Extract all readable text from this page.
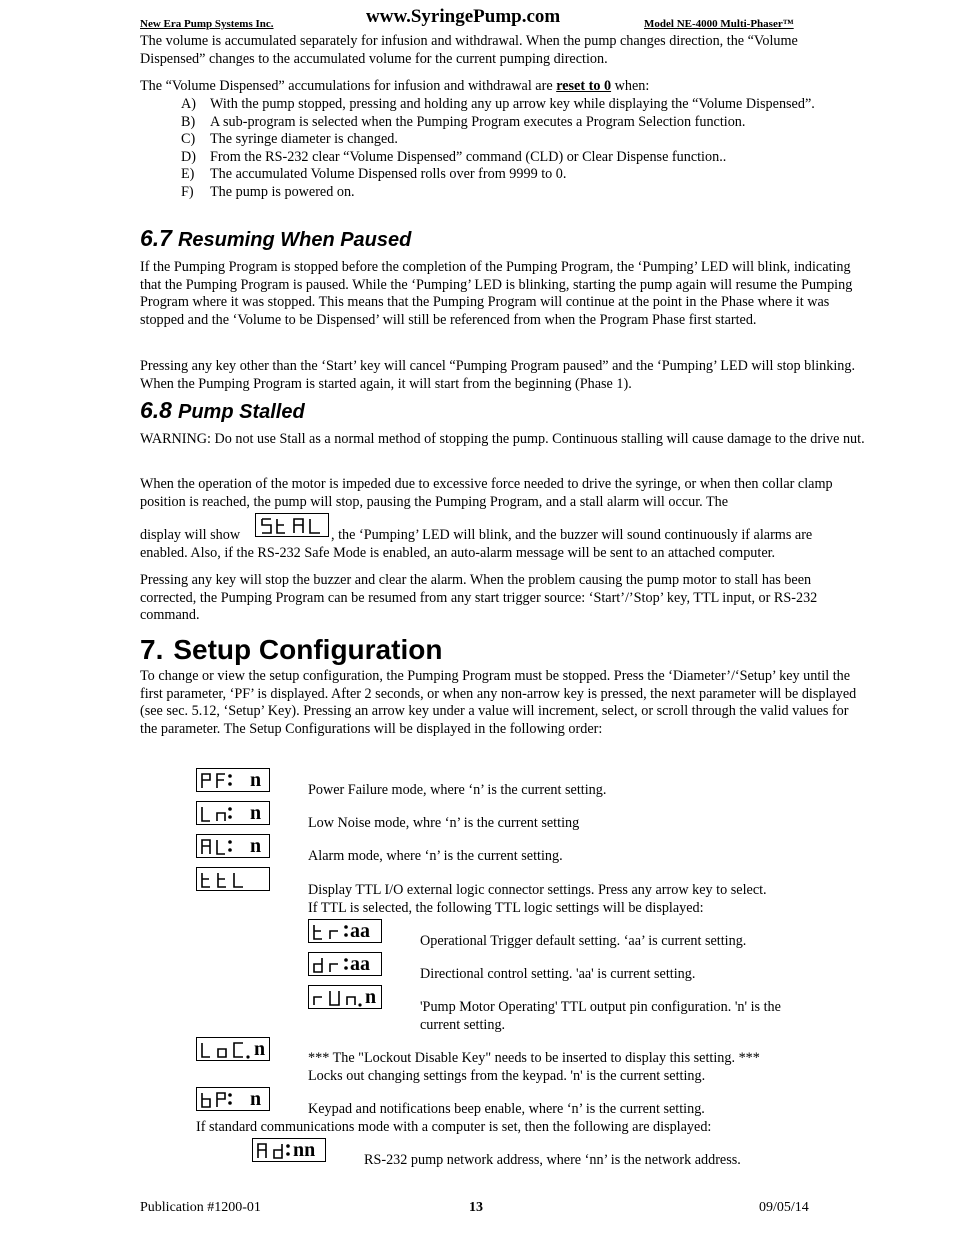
New Era Pump Systems Inc.	www.SyringePump.com	Model NE-4000 Multi-Phaser™
The volume is accumulated separately for infusion and withdrawal. When the pump changes direction, the “Volume Dispensed” changes to the accumulated volume for the current pumping direction.
The “Volume Dispensed” accumulations for infusion and withdrawal are reset to 0 when:
A) With the pump stopped, pressing and holding any up arrow key while displaying the “Volume Dispensed”.
B)	A sub-program is selected when the Pumping Program executes a Program Selection function.
C)	The syringe diameter is changed.
D) From the RS-232 clear “Volume Dispensed” command (CLD) or Clear Dispense function..
E)	The accumulated Volume Dispensed rolls over from 9999 to 0.
F)	The pump is powered on.
6.7 Resuming When Paused
If the Pumping Program is stopped before the completion of the Pumping Program, the ‘Pumping’ LED will blink, indicating that the Pumping Program is paused. While the ‘Pumping’ LED is blinking, starting the pump again will resume the Pumping Program where it was stopped. This means that the Pumping Program will continue at the point in the Phase where it was stopped and the ‘Volume to be Dispensed’ will still be referenced from when the Program Phase first started.
Pressing any key other than the ‘Start’ key will cancel “Pumping Program paused” and the ‘Pumping’ LED will stop blinking. When the Pumping Program is started again, it will start from the beginning (Phase 1).
6.8 Pump Stalled
WARNING: Do not use Stall as a normal method of stopping the pump. Continuous stalling will cause damage to the drive nut.
When the operation of the motor is impeded due to excessive force needed to drive the syringe, or when then collar clamp position is reached, the pump will stop, pausing the Pumping Program, and a stall alarm will occur. The
display will show	, the ‘Pumping’ LED will blink, and the buzzer will sound continuously if alarms are
enabled. Also, if the RS-232 Safe Mode is enabled, an auto-alarm message will be sent to an attached computer.
Pressing any key will stop the buzzer and clear the alarm. When the problem causing the pump motor to stall has been corrected, the Pumping Program can be resumed from any start trigger source: ‘Start’/’Stop’ key, TTL input, or RS-232 command.
7. Setup Configuration
To change or view the setup configuration, the Pumping Program must be stopped. Press the ‘Diameter’/‘Setup’ key until the first parameter, ‘PF’ is displayed. After 2 seconds, or when any non-arrow key is pressed, the next parameter will be displayed (see sec. 5.12, ‘Setup’ Key). Pressing an arrow key under a value will increment, select, or scroll through the valid values for the parameter. The Setup Configurations will be displayed in the following order:
n	Power Failure mode, where ‘n’ is the current setting.
n	Low Noise mode, whre ‘n’ is the current setting
n	Alarm mode, where ‘n’ is the current setting.
Display TTL I/O external logic connector settings. Press any arrow key to select.
If TTL is selected, the following TTL logic settings will be displayed:
aa	Operational Trigger default setting. ‘aa’ is current setting.
aa	Directional control setting. 'aa' is current setting.
n	'Pump Motor Operating' TTL output pin configuration. 'n' is the
current setting.
n	*** The "Lockout Disable Key" needs to be inserted to display this setting. ***
Locks out changing settings from the keypad. 'n' is the current setting.
n	Keypad and notifications beep enable, where ‘n’ is the current setting.
If standard communications mode with a computer is set, then the following are displayed:
nn	RS-232 pump network address, where ‘nn’ is the network address.
Publication #1200-01	13	09/05/14
